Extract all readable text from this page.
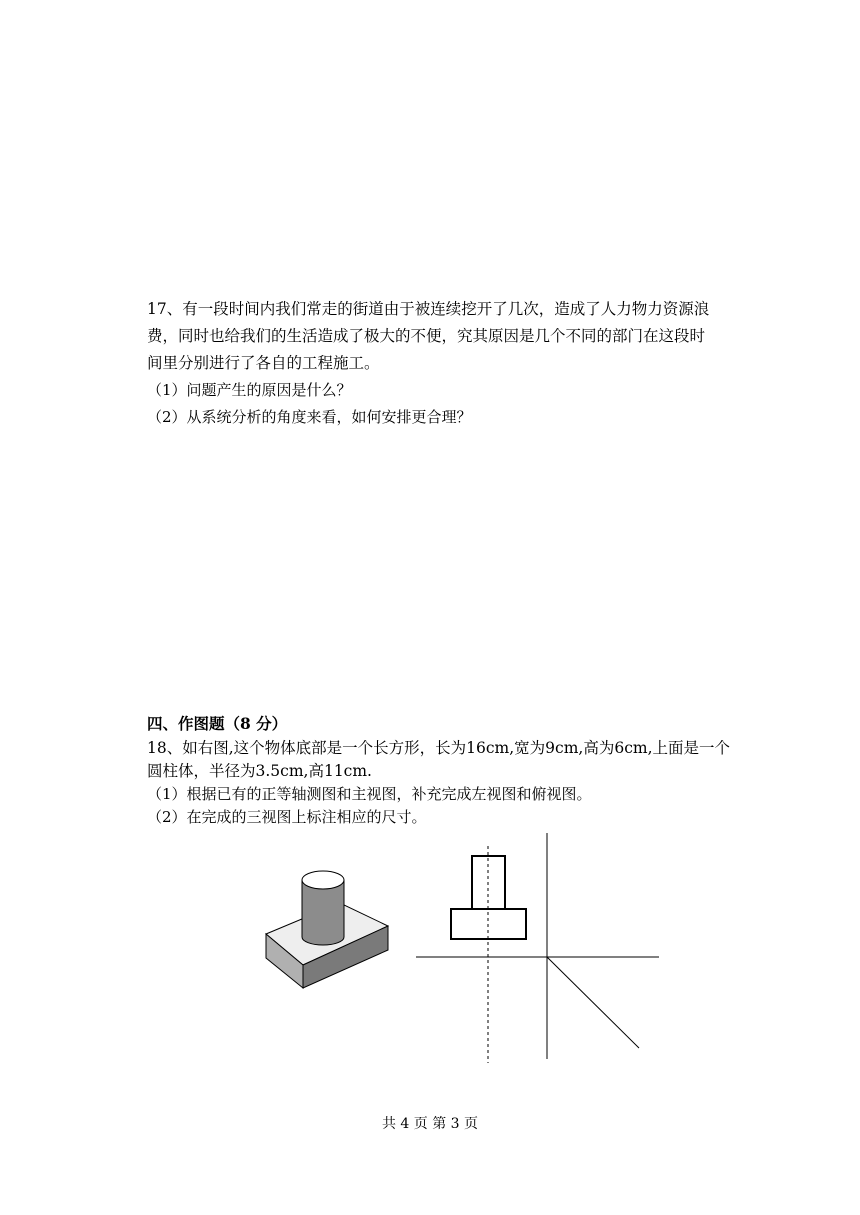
17、有一段时间内我们常走的街道由于被连续挖开了几次，造成了人力物力资源浪

费，同时也给我们的生活造成了极大的不便，究其原因是几个不同的部门在这段时

间里分别进行了各自的工程施工。

（1）问题产生的原因是什么？

（2）从系统分析的角度来看，如何安排更合理？

四、作图题（8 分）

18、如右图,这个物体底部是一个长方形，长为16cm,宽为9cm,高为6cm,上面是一个

圆柱体，半径为3.5cm,高11cm.

（1）根据已有的正等轴测图和主视图，补充完成左视图和俯视图。

（2）在完成的三视图上标注相应的尺寸。

共 4 页 第 3 页
